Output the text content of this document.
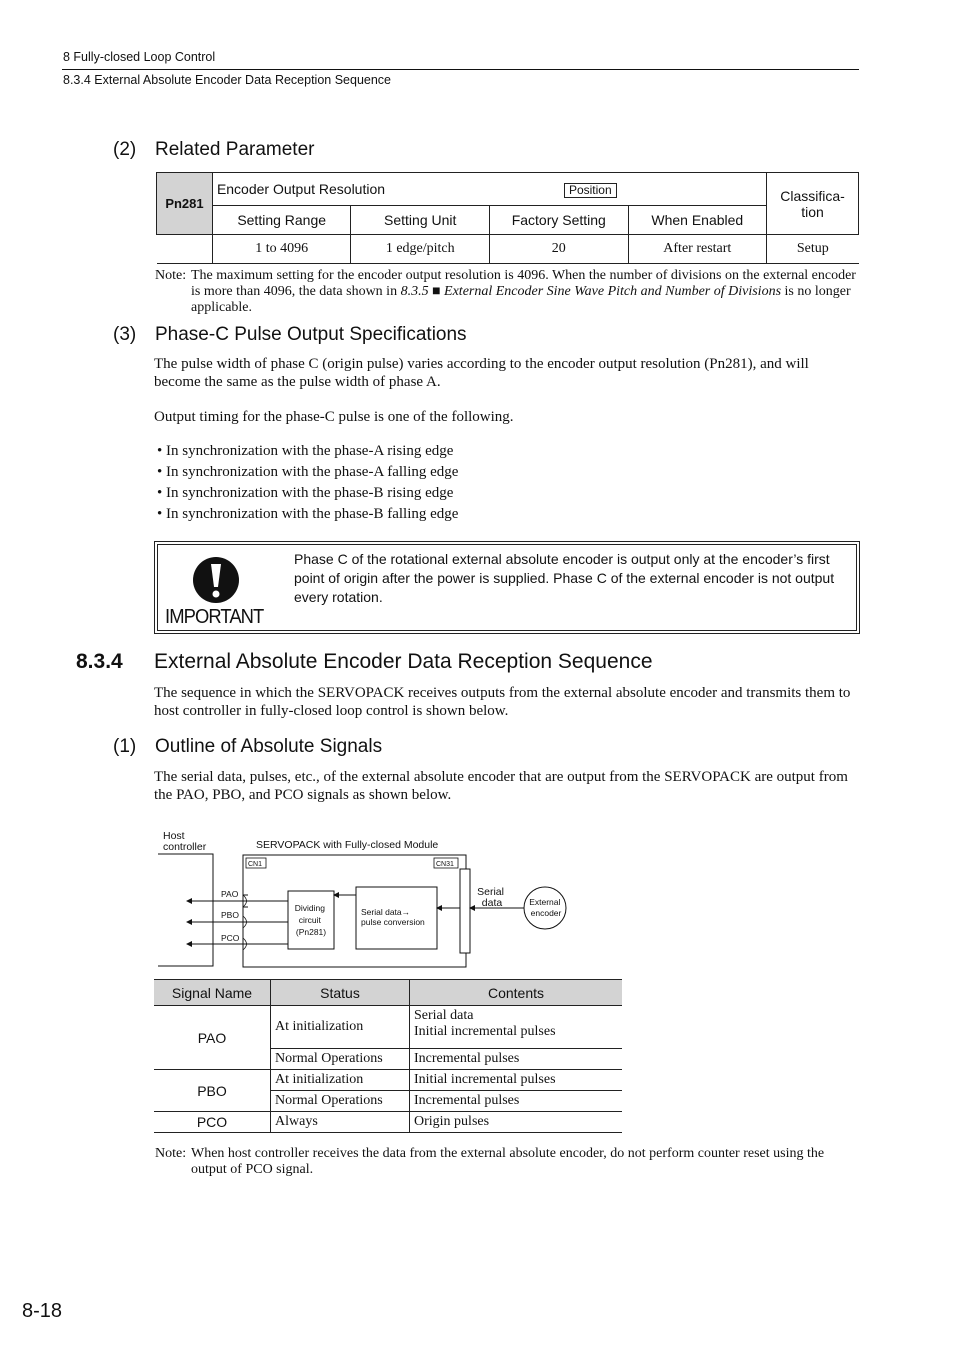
8 Fully-closed Loop Control
8.3.4 External Absolute Encoder Data Reception Sequence
(2) Related Parameter
Pn281	Encoder Output Resolution Position				Classifica-
tion
	Setting Range	Setting Unit	Factory Setting	When Enabled	
	1 to 4096	1 edge/pitch	20	After restart	Setup
Note: The maximum setting for the encoder output resolution is 4096. When the number of divisions on the external encoder is more than 4096, the data shown in 8.3.5 ■ External Encoder Sine Wave Pitch and Number of Divisions is no longer applicable.
(3) Phase-C Pulse Output Specifications
The pulse width of phase C (origin pulse) varies according to the encoder output resolution (Pn281), and will become the same as the pulse width of phase A.
Output timing for the phase-C pulse is one of the following.
• In synchronization with the phase-A rising edge
• In synchronization with the phase-A falling edge
• In synchronization with the phase-B rising edge
• In synchronization with the phase-B falling edge
IMPORTANT
Phase C of the rotational external absolute encoder is output only at the encoder’s first point of origin after the power is supplied. Phase C of the external encoder is not output every rotation.
8.3.4 External Absolute Encoder Data Reception Sequence
The sequence in which the SERVOPACK receives outputs from the external absolute encoder and transmits them to host controller in fully-closed loop control is shown below.
(1) Outline of Absolute Signals
The serial data, pulses, etc., of the external absolute encoder that are output from the SERVOPACK are output from the PAO, PBO, and PCO signals as shown below.
Host controller	SERVOPACK with Fully-closed Module
CN1	CN31
PAO
PBO
PCO
Dividing circuit (Pn281)
Serial data→ pulse conversion
Serial data	External encoder
Signal Name	Status	Contents
PAO	At initialization	Serial data
Initial incremental pulses

	Normal Operations	Incremental pulses
PBO	At initialization	Initial incremental pulses
	Normal Operations	Incremental pulses
PCO	Always	Origin pulses
Note: When host controller receives the data from the external absolute encoder, do not perform counter reset using the output of PCO signal.
8-18
